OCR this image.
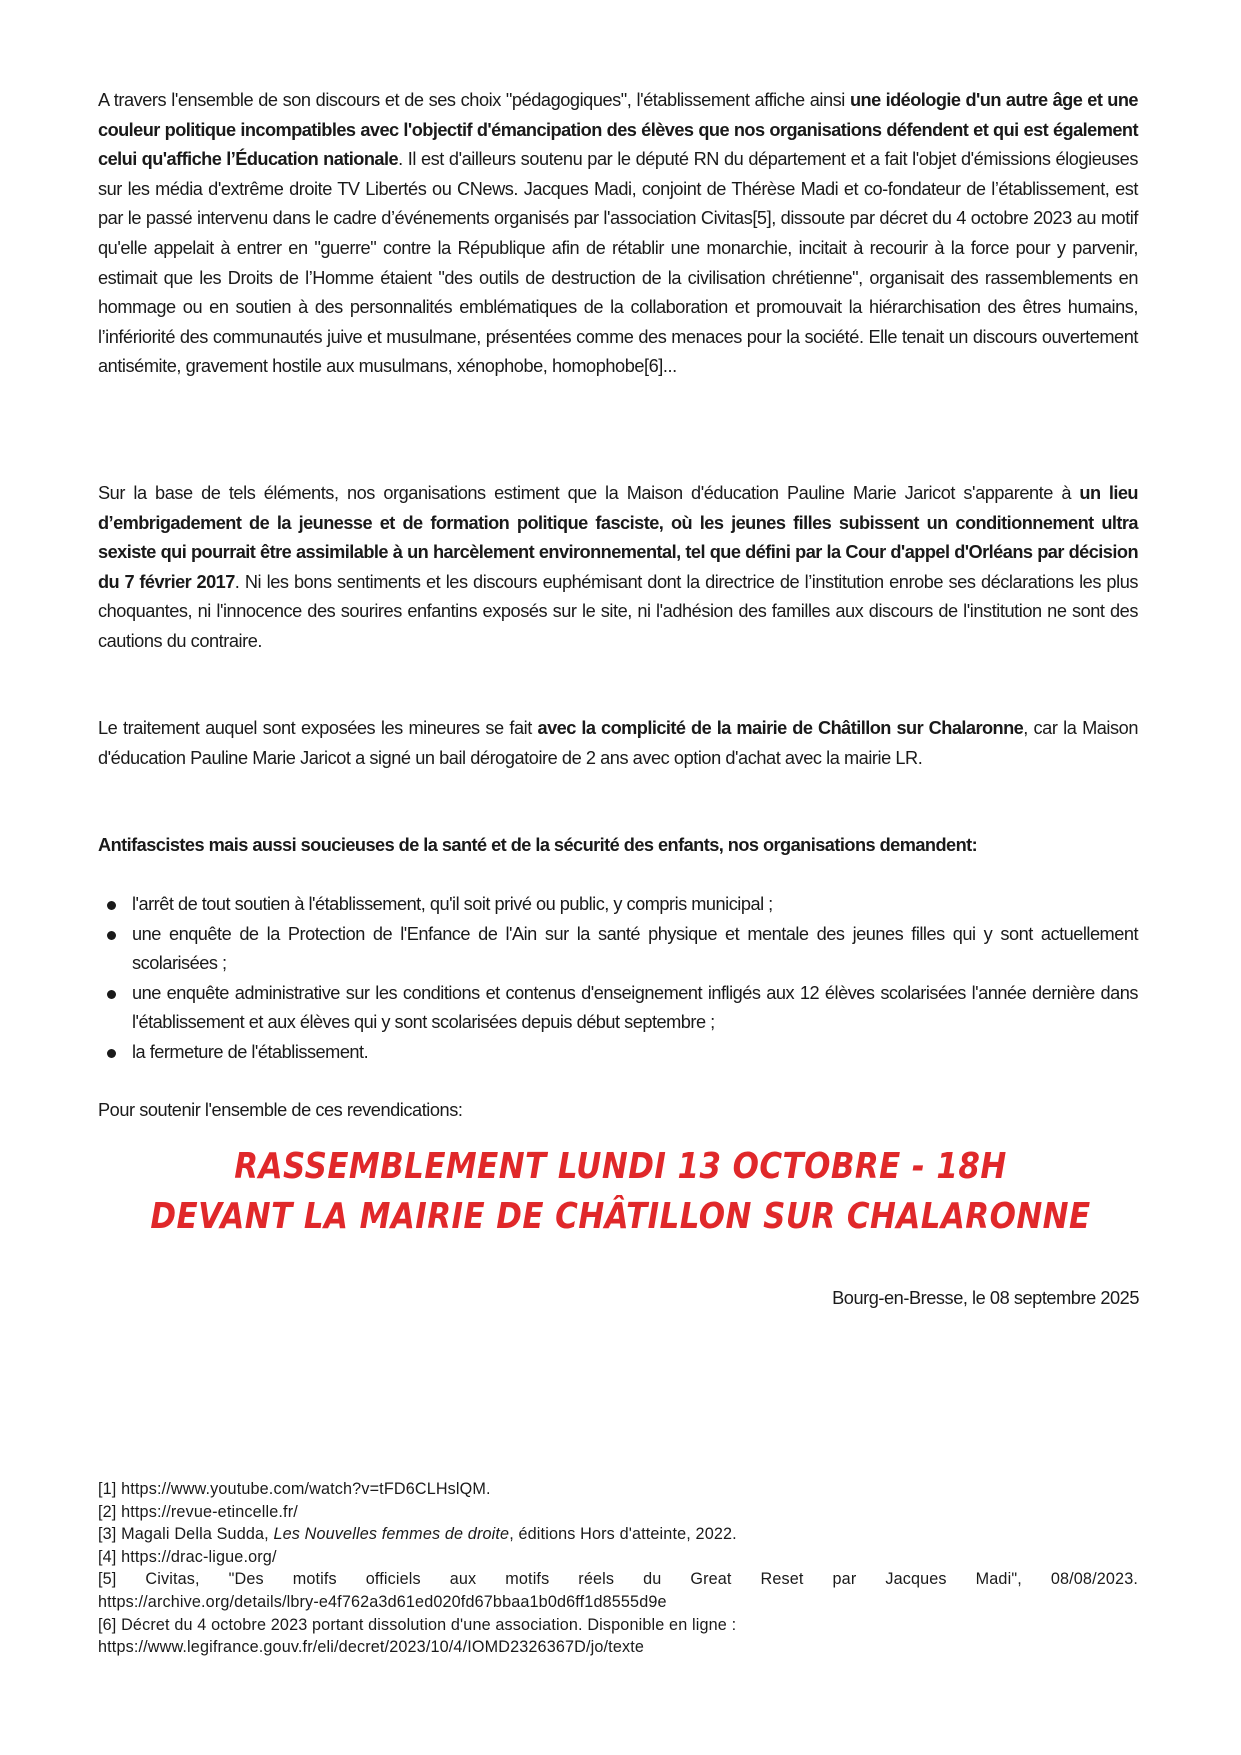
A travers l'ensemble de son discours et de ses choix "pédagogiques", l'établissement affiche ainsi une idéologie d'un autre âge et une couleur politique incompatibles avec l'objectif d'émancipation des élèves que nos organisations défendent et qui est également celui qu'affiche l’Éducation nationale. Il est d'ailleurs soutenu par le député RN du département et a fait l'objet d'émissions élogieuses sur les média d'extrême droite TV Libertés ou CNews. Jacques Madi, conjoint de Thérèse Madi et co-fondateur de l’établissement, est par le passé intervenu dans le cadre d’événements organisés par l'association Civitas[5], dissoute par décret du 4 octobre 2023 au motif qu'elle appelait à entrer en "guerre" contre la République afin de rétablir une monarchie, incitait à recourir à la force pour y parvenir, estimait que les Droits de l’Homme étaient "des outils de destruction de la civilisation chrétienne", organisait des rassemblements en hommage ou en soutien à des personnalités emblématiques de la collaboration et promouvait la hiérarchisation des êtres humains, l’infériorité des communautés juive et musulmane, présentées comme des menaces pour la société. Elle tenait un discours ouvertement antisémite, gravement hostile aux musulmans, xénophobe, homophobe[6]...

Sur la base de tels éléments, nos organisations estiment que la Maison d'éducation Pauline Marie Jaricot s'apparente à un lieu d’embrigadement de la jeunesse et de formation politique fasciste, où les jeunes filles subissent un conditionnement ultra sexiste qui pourrait être assimilable à un harcèlement environnemental, tel que défini par la Cour d'appel d'Orléans par décision du 7 février 2017. Ni les bons sentiments et les discours euphémisant dont la directrice de l’institution enrobe ses déclarations les plus choquantes, ni l'innocence des sourires enfantins exposés sur le site, ni l'adhésion des familles aux discours de l'institution ne sont des cautions du contraire.

Le traitement auquel sont exposées les mineures se fait avec la complicité de la mairie de Châtillon sur Chalaronne, car la Maison d'éducation Pauline Marie Jaricot a signé un bail dérogatoire de 2 ans avec option d'achat avec la mairie LR.

Antifascistes mais aussi soucieuses de la santé et de la sécurité des enfants, nos organisations demandent:

l'arrêt de tout soutien à l'établissement, qu'il soit privé ou public, y compris municipal ;
une enquête de la Protection de l'Enfance de l'Ain sur la santé physique et mentale des jeunes filles qui y sont actuellement scolarisées ;
une enquête administrative sur les conditions et contenus d'enseignement infligés aux 12 élèves scolarisées l'année dernière dans l'établissement et aux élèves qui y sont scolarisées depuis début septembre ;
la fermeture de l'établissement.
Pour soutenir l'ensemble de ces revendications:
RASSEMBLEMENT LUNDI 13 OCTOBRE - 18H
DEVANT LA MAIRIE DE CHÂTILLON SUR CHALARONNE
Bourg-en-Bresse, le 08 septembre 2025
[1] https://www.youtube.com/watch?v=tFD6CLHslQM.
[2] https://revue-etincelle.fr/
[3] Magali Della Sudda, Les Nouvelles femmes de droite, éditions Hors d'atteinte, 2022.
[4] https://drac-ligue.org/
[5] Civitas, "Des motifs officiels aux motifs réels du Great Reset par Jacques Madi", 08/08/2023.
https://archive.org/details/lbry-e4f762a3d61ed020fd67bbaa1b0d6ff1d8555d9e
[6] Décret du 4 octobre 2023 portant dissolution d'une association. Disponible en ligne :
https://www.legifrance.gouv.fr/eli/decret/2023/10/4/IOMD2326367D/jo/texte
